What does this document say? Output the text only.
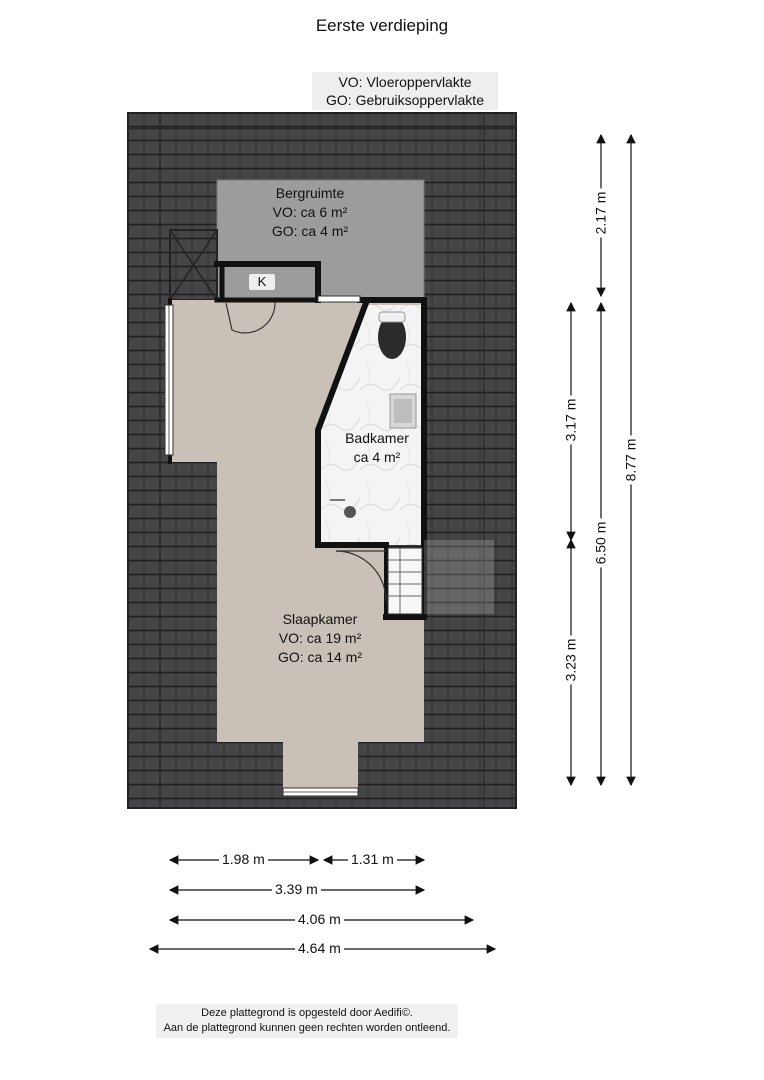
Eerste verdieping
VO: Vloeroppervlakte
GO: Gebruiksoppervlakte
K
Bergruimte
VO: ca 6 m²
GO: ca 4 m²
Badkamer
ca 4 m²
Slaapkamer
VO: ca 19 m²
GO: ca 14 m²
1.98 m	1.31 m
3.39 m
4.06 m
4.64 m
2.17 m
3.17 m
3.23 m
6.50 m
8.77 m
Deze plattegrond is opgesteld door Aedifi©.
Aan de plattegrond kunnen geen rechten worden ontleend.
